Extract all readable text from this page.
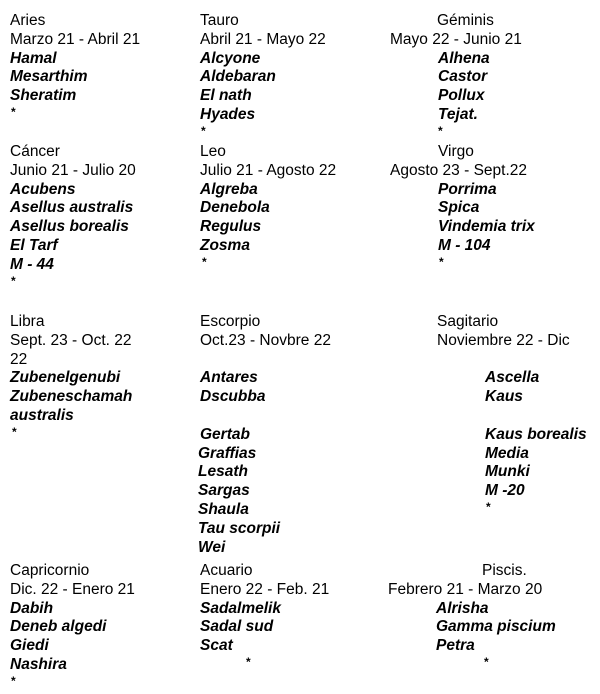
Aries
Marzo 21 - Abril 21
Hamal
Mesarthim
Sheratim
*
Tauro
Abril 21 - Mayo 22
Alcyone
Aldebaran
El nath
Hyades
*
Géminis
Mayo 22 - Junio 21
Alhena
Castor
Pollux
Tejat.
*
Cáncer
Junio 21 - Julio 20
Acubens
Asellus australis
Asellus borealis
El Tarf
M - 44
*
Leo
Julio 21 - Agosto 22
Algreba
Denebola
Regulus
Zosma
*
Virgo
Agosto 23 - Sept.22
Porrima
Spica
Vindemia trix
M - 104
*
Libra
Sept. 23 - Oct. 22
22
Zubenelgenubi
Zubeneschamah
australis
*
Escorpio
Oct.23 - Novbre 22
Antares
Dscubba
Gertab
Graffias
Lesath
Sargas
Shaula
Tau scorpii
Wei
Sagitario
Noviembre 22 - Dic
Ascella
Kaus
Kaus borealis
Media
Munki
M -20
*
Capricornio
Dic. 22 - Enero 21
Dabih
Deneb algedi
Giedi
Nashira
*
Acuario
Enero 22 - Feb. 21
Sadalmelik
Sadal sud
Scat
*
Piscis.
Febrero 21 - Marzo 20
Alrisha
Gamma piscium
Petra
*
